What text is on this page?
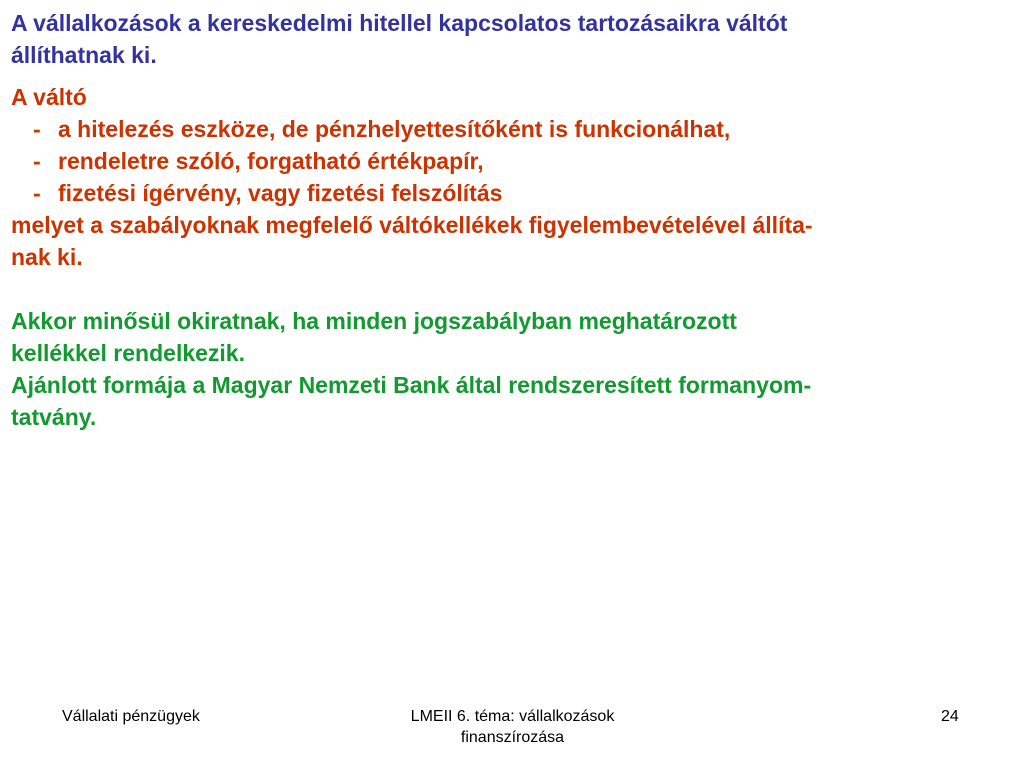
A vállalkozások a kereskedelmi hitellel kapcsolatos tartozásaikra váltót
állíthatnak ki.
A váltó
- a hitelezés eszköze, de pénzhelyettesítőként is funkcionálhat,
- rendeletre szóló, forgatható értékpapír,
- fizetési ígérvény, vagy fizetési felszólítás
melyet a szabályoknak megfelelő váltókellékek figyelembevételével állíta-
nak ki.
Akkor minősül okiratnak, ha minden jogszabályban meghatározott
kellékkel rendelkezik.
Ajánlott formája a Magyar Nemzeti Bank által rendszeresített formanyom-
tatvány.
Vállalati pénzügyek	LMEII 6. téma: vállalkozások
finanszírozása
24
